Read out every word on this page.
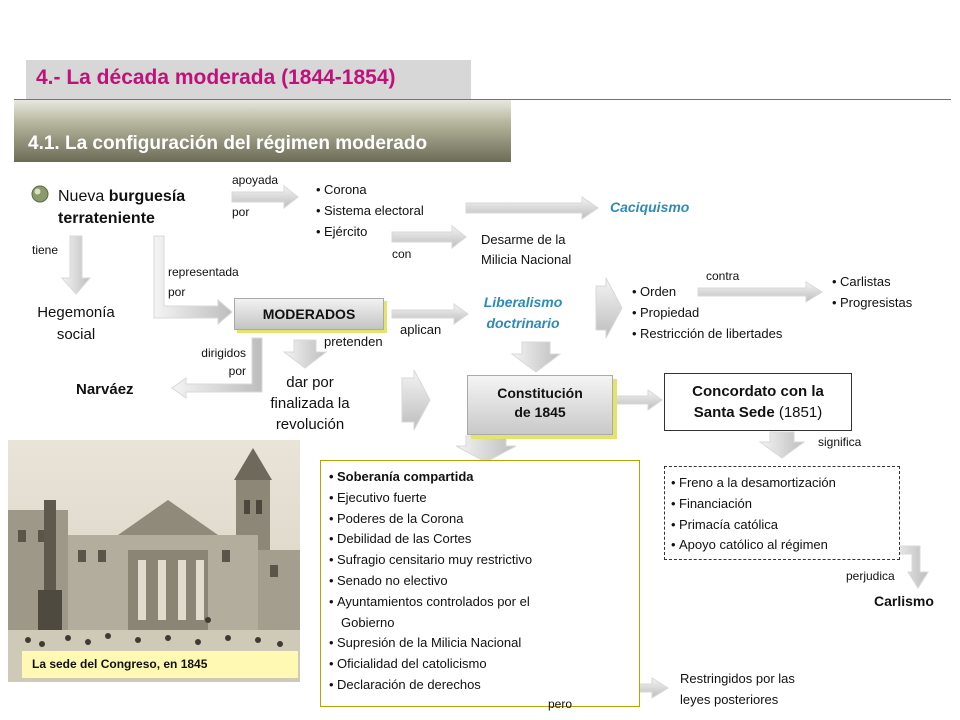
4.- La década moderada (1844-1854)
4.1. La configuración del régimen moderado
Nueva burguesía
terrateniente
apoyada
por
• Corona
• Sistema electoral
• Ejército
Caciquismo
con
Desarme de la
Milicia Nacional
tiene
representada
por
Hegemonía
social
MODERADOS
Liberalismo
doctrinario
aplican
pretenden
contra
• Orden
• Propiedad
• Restricción de libertades
• Carlistas
• Progresistas
dirigidos
por
Narváez	dar por
finalizada la
revolución
Constitución
de 1845
Concordato con la
Santa Sede (1851)
significa
• Soberanía compartida
• Ejecutivo fuerte
• Poderes de la Corona
• Debilidad de las Cortes
• Sufragio censitario muy restrictivo
• Senado no electivo
• Ayuntamientos controlados por el
Gobierno
• Supresión de la Milicia Nacional
• Oficialidad del catolicismo
• Declaración de derechos
• Freno a la desamortización
• Financiación
• Primacía católica
• Apoyo católico al régimen
perjudica
Carlismo
pero
Restringidos por las
leyes posteriores
La sede del Congreso, en 1845
